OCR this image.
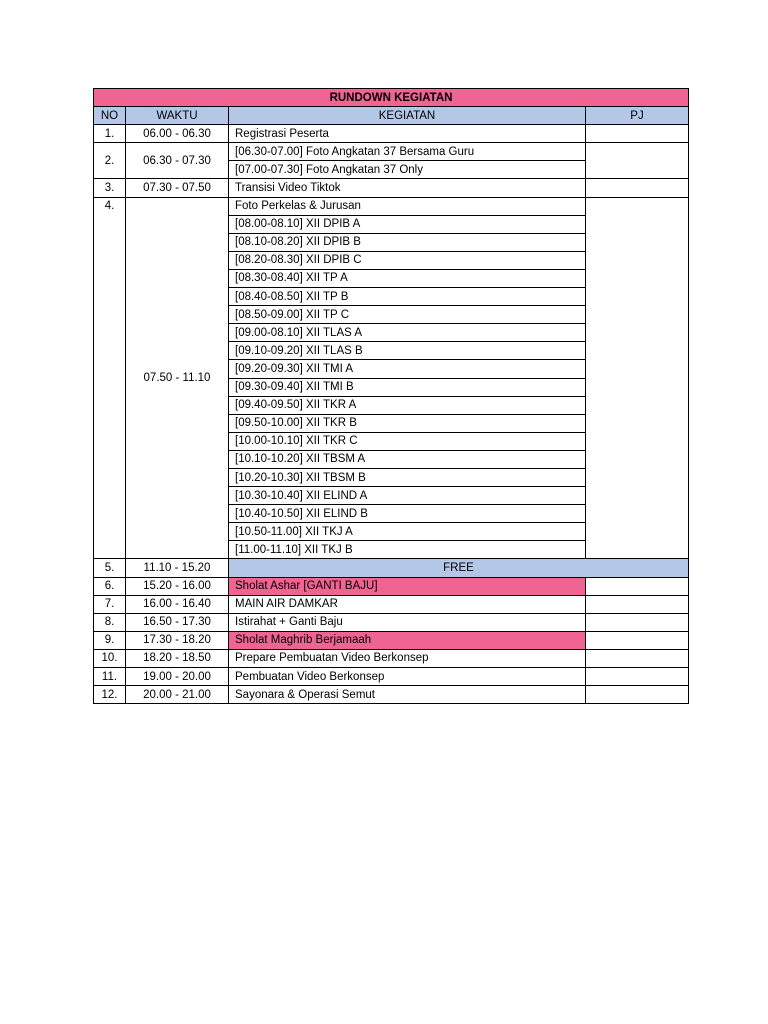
RUNDOWN KEGIATAN			
NO	WAKTU	KEGIATAN	PJ
1.	06.00 - 06.30	Registrasi Peserta	
2.	06.30 - 07.30	[06.30-07.00] Foto Angkatan 37 Bersama Guru	
		[07.00-07.30] Foto Angkatan 37 Only	
3.	07.30 - 07.50	Transisi Video Tiktok	
4.	07.50 - 11.10	Foto Perkelas & Jurusan	
		[08.00-08.10] XII DPIB A	
		[08.10-08.20] XII DPIB B	
		[08.20-08.30] XII DPIB C	
		[08.30-08.40] XII TP A	
		[08.40-08.50] XII TP B	
		[08.50-09.00] XII TP C	
		[09.00-08.10] XII TLAS A	
		[09.10-09.20] XII TLAS B	
		[09.20-09.30] XII TMI A	
		[09.30-09.40] XII TMI B	
		[09.40-09.50] XII TKR A	
		[09.50-10.00] XII TKR B	
		[10.00-10.10] XII TKR C	
		[10.10-10.20] XII TBSM A	
		[10.20-10.30] XII TBSM B	
		[10.30-10.40] XII ELIND A	
		[10.40-10.50] XII ELIND B	
		[10.50-11.00] XII TKJ A	
		[11.00-11.10] XII TKJ B	
5.	11.10 - 15.20	FREE	
6.	15.20 - 16.00	Sholat Ashar [GANTI BAJU]	
7.	16.00 - 16.40	MAIN AIR DAMKAR	
8.	16.50 - 17.30	Istirahat + Ganti Baju	
9.	17.30 - 18.20	Sholat Maghrib Berjamaah	
10.	18.20 - 18.50	Prepare Pembuatan Video Berkonsep	
11.	19.00 - 20.00	Pembuatan Video Berkonsep	
12.	20.00 - 21.00	Sayonara & Operasi Semut	
